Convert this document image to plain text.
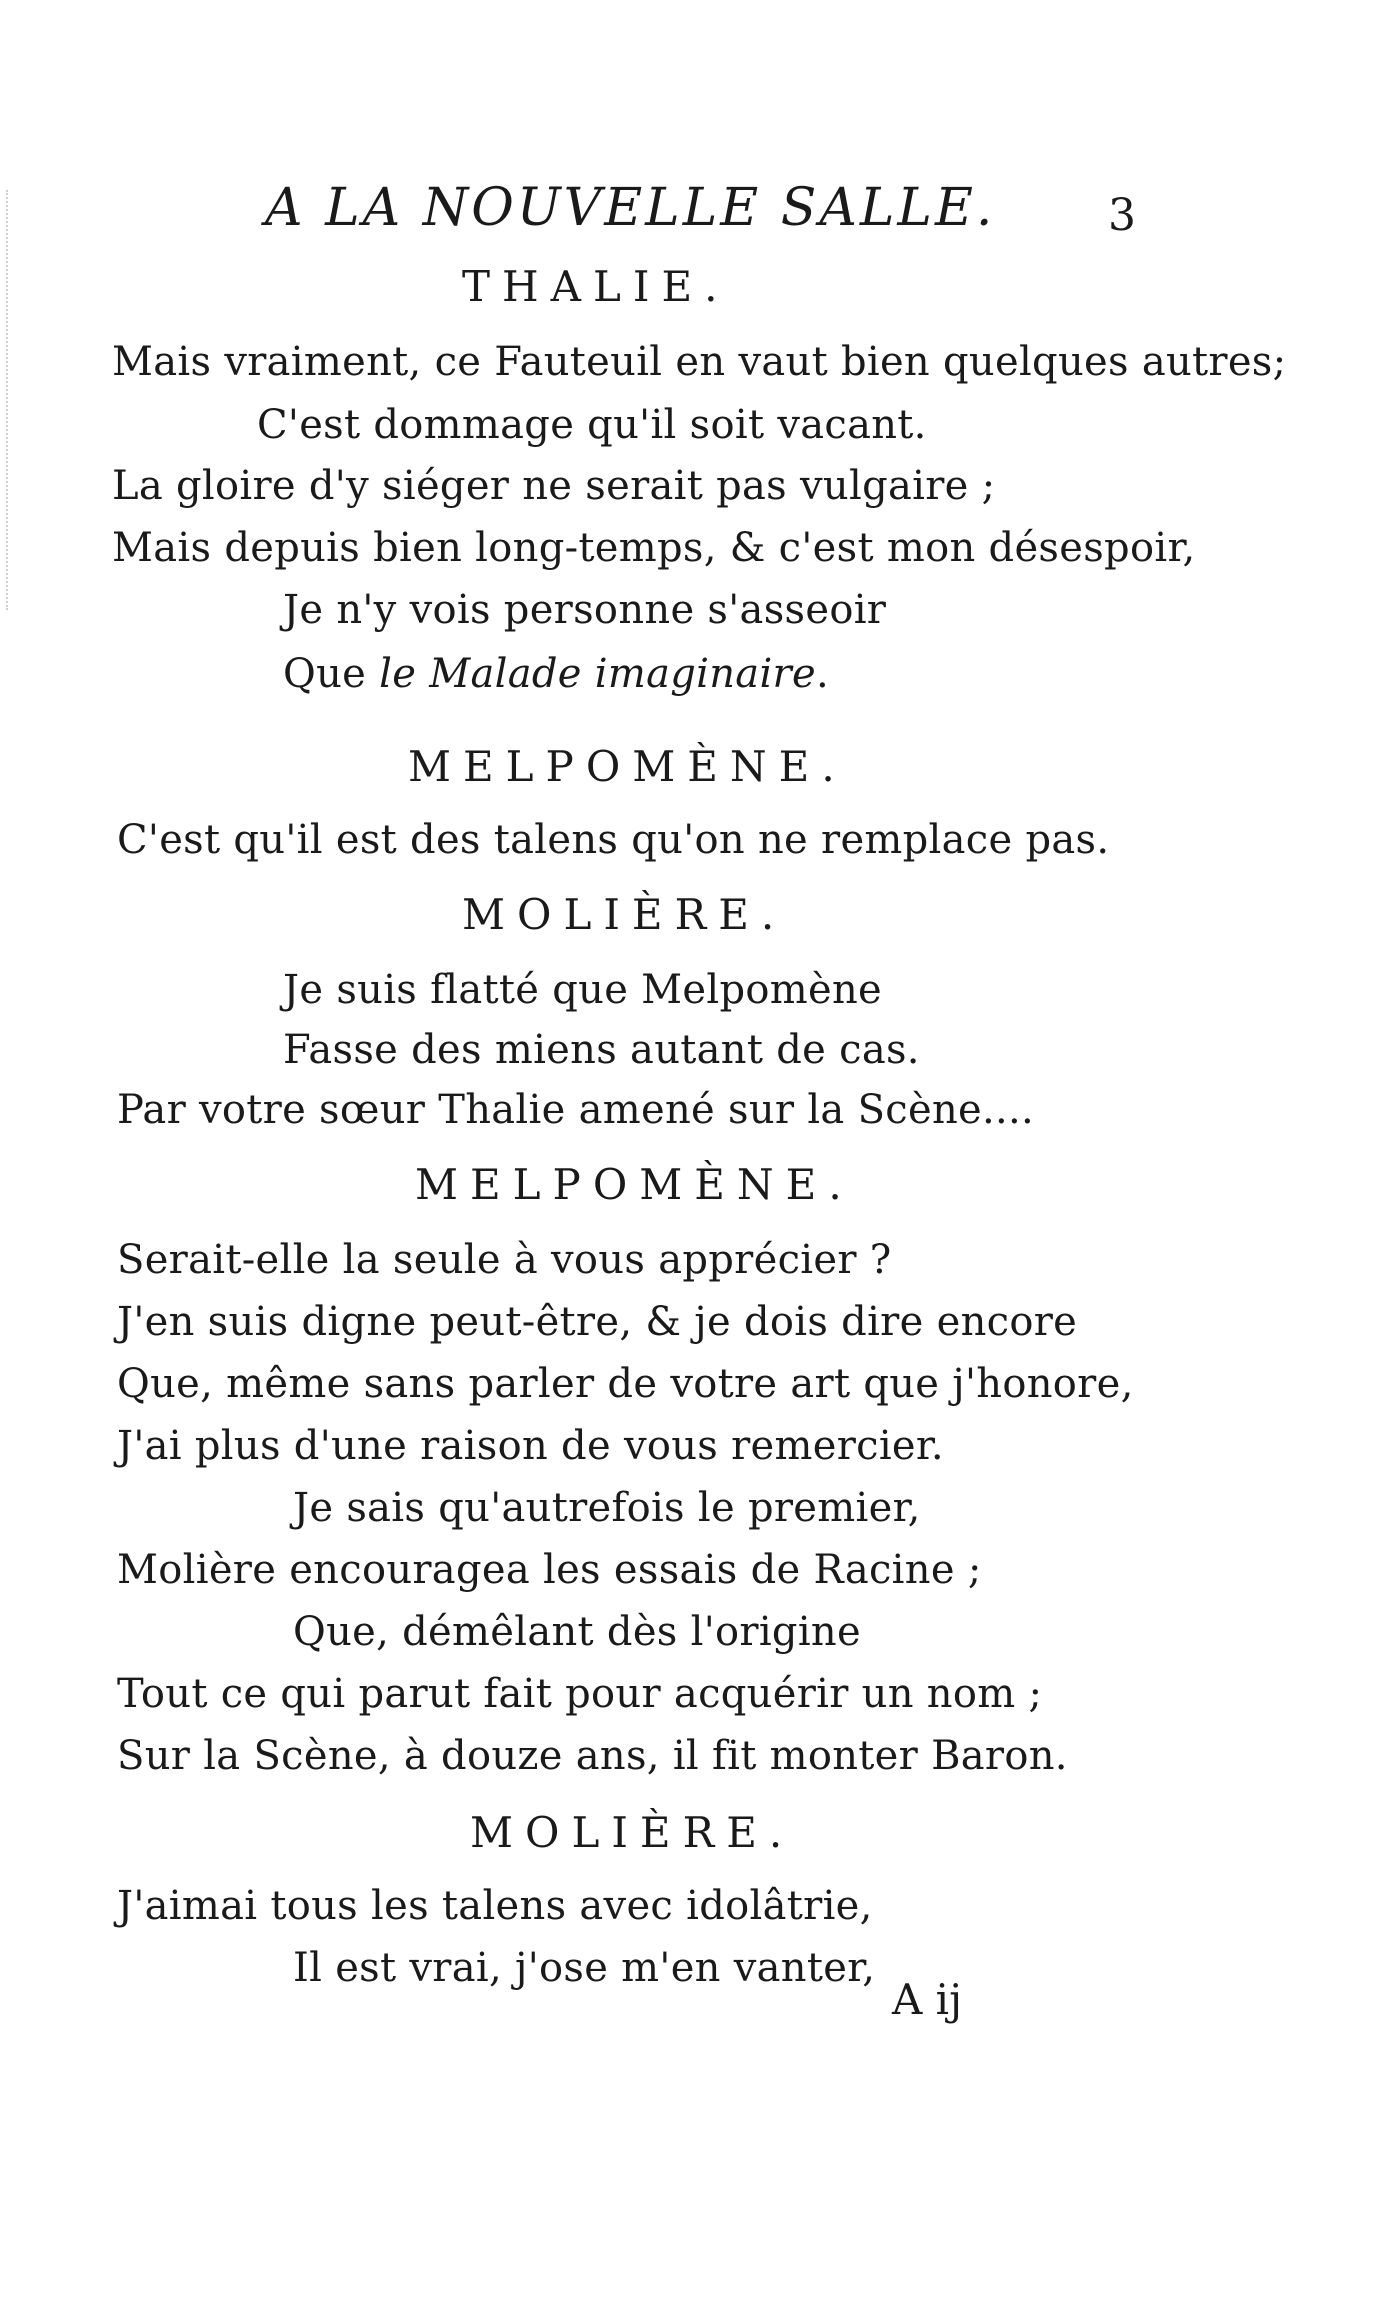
A LA NOUVELLE SALLE.	3
THALIE.
Mais vraiment, ce Fauteuil en vaut bien quelques autres;
C'est dommage qu'il soit vacant.
La gloire d'y siéger ne serait pas vulgaire ;
Mais depuis bien long-temps, & c'est mon désespoir,
Je n'y vois personne s'asseoir
Que le Malade imaginaire.
MELPOMÈNE.
C'est qu'il est des talens qu'on ne remplace pas.
MOLIÈRE.
Je suis flatté que Melpomène
Fasse des miens autant de cas.
Par votre sœur Thalie amené sur la Scène....
MELPOMÈNE.
Serait-elle la seule à vous apprécier ?
J'en suis digne peut-être, & je dois dire encore
Que, même sans parler de votre art que j'honore,
J'ai plus d'une raison de vous remercier.
Je sais qu'autrefois le premier,
Molière encouragea les essais de Racine ;
Que, démêlant dès l'origine
Tout ce qui parut fait pour acquérir un nom ;
Sur la Scène, à douze ans, il fit monter Baron.
MOLIÈRE.
J'aimai tous les talens avec idolâtrie,
Il est vrai, j'ose m'en vanter,
A ij
